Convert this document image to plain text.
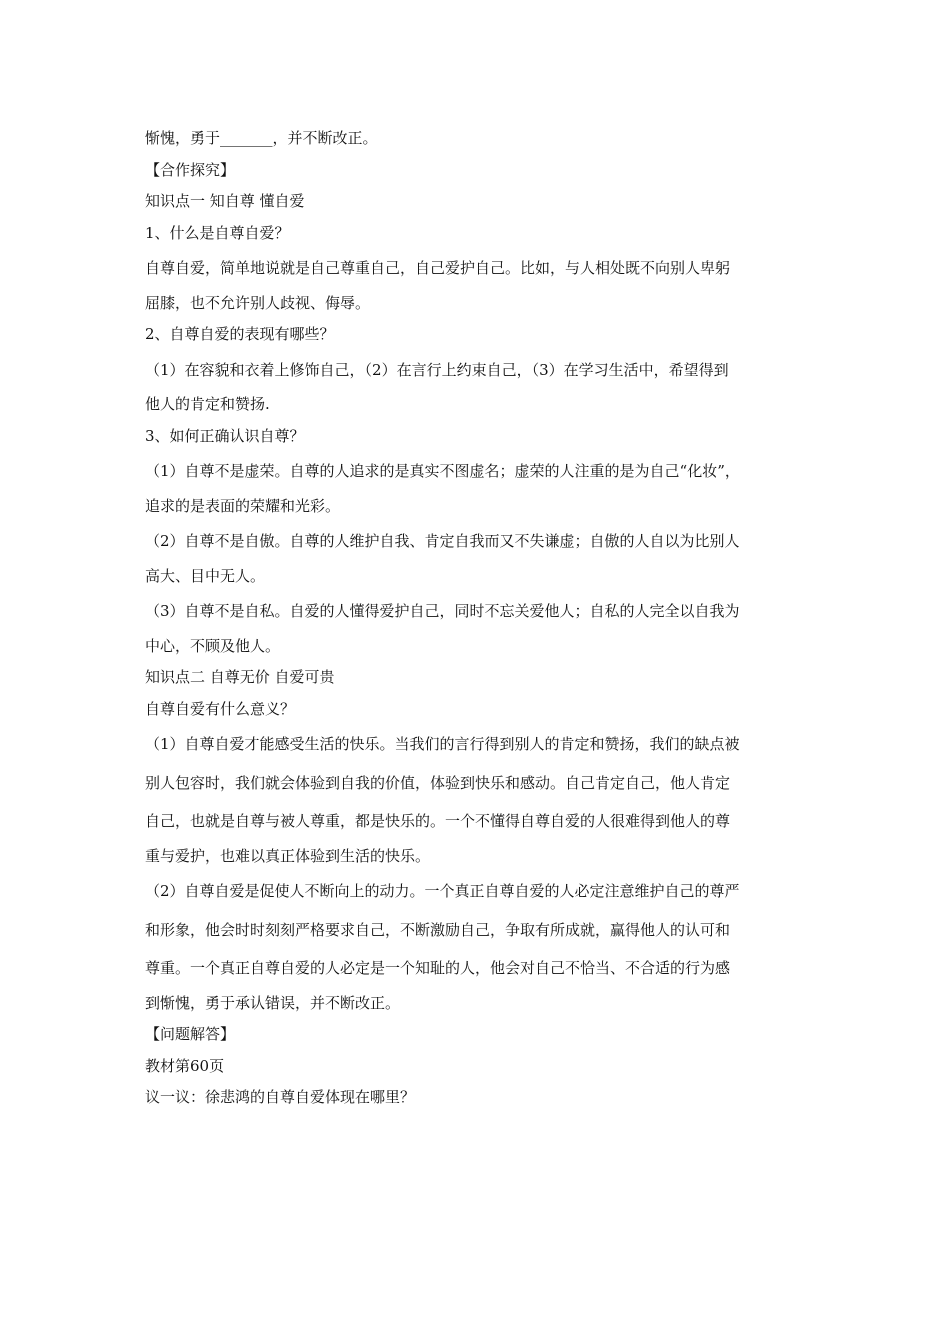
惭愧，勇于_______，并不断改正。

【合作探究】

知识点一 知自尊 懂自爱

1、什么是自尊自爱？

自尊自爱，简单地说就是自己尊重自己，自己爱护自己。比如，与人相处既不向别人卑躬

屈膝，也不允许别人歧视、侮辱。

2、自尊自爱的表现有哪些？

（1）在容貌和衣着上修饰自己，（2）在言行上约束自己，（3）在学习生活中，希望得到

他人的肯定和赞扬.

3、如何正确认识自尊？

（1）自尊不是虚荣。自尊的人追求的是真实不图虚名；虚荣的人注重的是为自己“化妆”，

追求的是表面的荣耀和光彩。

（2）自尊不是自傲。自尊的人维护自我、肯定自我而又不失谦虚；自傲的人自以为比别人

高大、目中无人。

（3）自尊不是自私。自爱的人懂得爱护自己，同时不忘关爱他人；自私的人完全以自我为

中心，不顾及他人。

知识点二 自尊无价 自爱可贵

自尊自爱有什么意义？

（1）自尊自爱才能感受生活的快乐。当我们的言行得到别人的肯定和赞扬，我们的缺点被

别人包容时，我们就会体验到自我的价值，体验到快乐和感动。自己肯定自己，他人肯定

自己，也就是自尊与被人尊重，都是快乐的。一个不懂得自尊自爱的人很难得到他人的尊

重与爱护，也难以真正体验到生活的快乐。

（2）自尊自爱是促使人不断向上的动力。一个真正自尊自爱的人必定注意维护自己的尊严

和形象，他会时时刻刻严格要求自己，不断激励自己，争取有所成就，赢得他人的认可和

尊重。一个真正自尊自爱的人必定是一个知耻的人，他会对自己不恰当、不合适的行为感

到惭愧，勇于承认错误，并不断改正。

【问题解答】

教材第60页

议一议：徐悲鸿的自尊自爱体现在哪里？
